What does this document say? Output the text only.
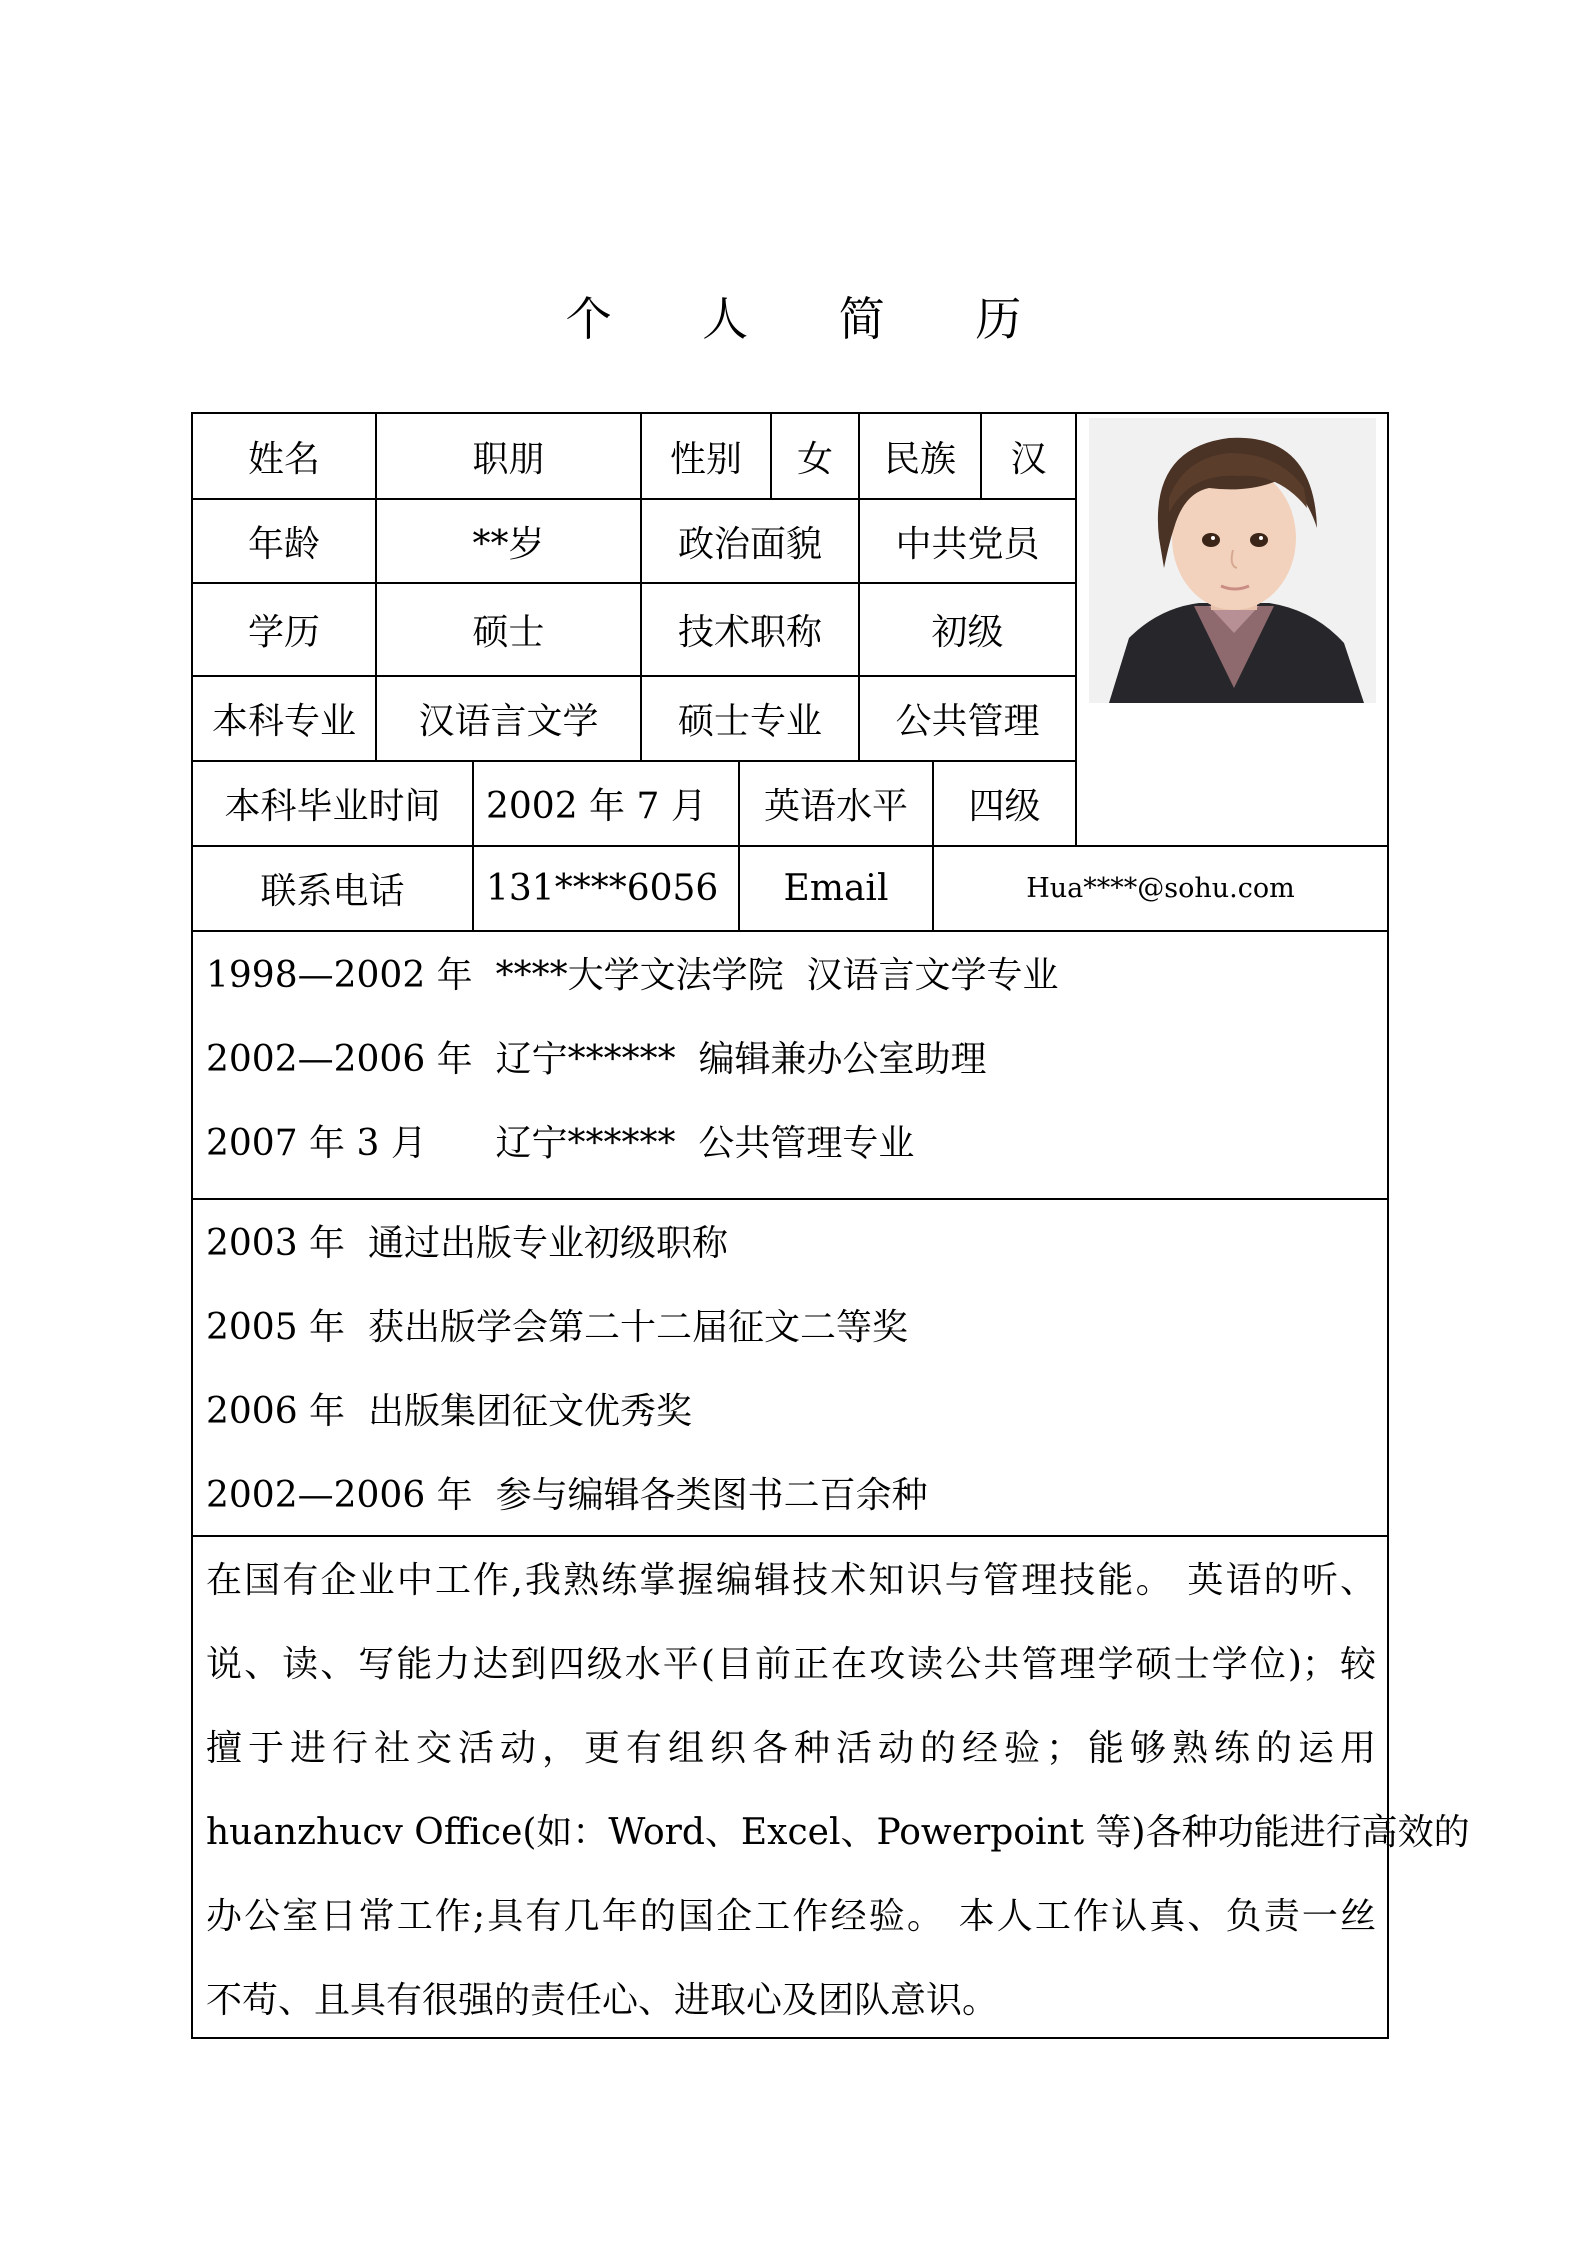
个 人 简 历
姓名	职朋	性别	女	民族	汉
年龄	**岁	政治面貌	中共党员
学历	硕士	技术职称	初级
本科专业	汉语言文学	硕士专业	公共管理
本科毕业时间	2002 年 7 月	英语水平	四级
联系电话	131****6056	Email	Hua****@sohu.com
1998—2002 年  ****大学文法学院  汉语言文学专业
2002—2006 年  辽宁******  编辑兼办公室助理
2007 年 3 月      辽宁******  公共管理专业
2003 年  通过出版专业初级职称
2005 年  获出版学会第二十二届征文二等奖
2006 年  出版集团征文优秀奖
2002—2006 年  参与编辑各类图书二百余种
在国有企业中工作,我熟练掌握编辑技术知识与管理技能。 英语的听、
说、读、写能力达到四级水平(目前正在攻读公共管理学硕士学位)；较
擅于进行社交活动，更有组织各种活动的经验；能够熟练的运用
huanzhucv Office(如：Word、Excel、Powerpoint 等)各种功能进行高效的
办公室日常工作;具有几年的国企工作经验。 本人工作认真、负责一丝
不苟、且具有很强的责任心、进取心及团队意识。
